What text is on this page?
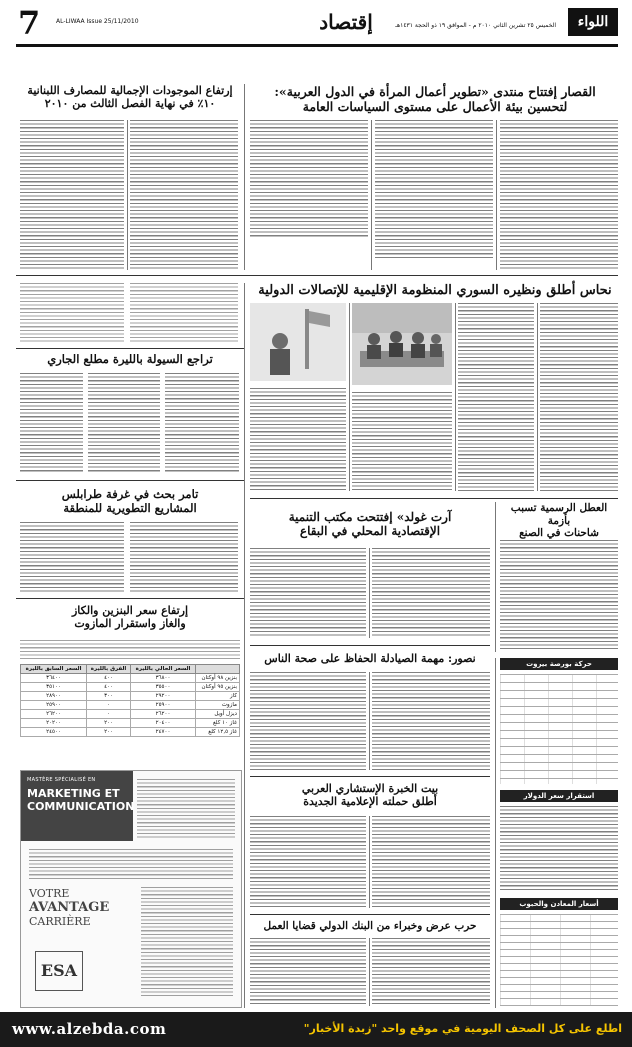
7	AL-LIWAA Issue 25/11/2010	إقتصاد	الخميس ٢٥ تشرين الثاني ٢٠١٠ م - الموافق ١٩ ذو الحجة ١٤٣١هـ	اللواء
القصار إفتتاح منتدى «تطوير أعمال المرأة في الدول العربية»:
لتحسين بيئة الأعمال على مستوى السياسات العامة
إرتفاع الموجودات الإجمالية للمصارف اللبنانية
١٠٪ في نهاية الفصل الثالث من ٢٠١٠
نحاس أطلق ونظيره السوري المنظومة الإقليمية للإتصالات الدولية
تراجع السيولة بالليرة مطلع الجاري
تامر بحث في غرفة طرابلس
المشاريع التطويرية للمنطقة	العطل الرسمية تسبب بأزمة
شاحنات في الصنع
آرت غولد» إفتتحت مكتب التنمية
الإقتصادية المحلي في البقاع
إرتفاع سعر البنزين والكاز
والغاز واستقرار المازوت
	السعر الحالي بالليرة	الفرق بالليرة	السعر السابق بالليرة
بنزين ٩٨ أوكتان	٣٦٨٠٠	٤٠٠	٣٦٤٠٠
بنزين ٩٥ أوكتان	٣٥٥٠٠	٤٠٠	٣٥١٠٠
كاز	٢٩٢٠٠	٣٠٠	٢٨٩٠٠
مازوت	٢٥٩٠٠	٠	٢٥٩٠٠
ديزل أويل	٢٦٢٠٠	٠	٢٦٢٠٠
غاز ١٠ كلغ	٢٠٤٠٠	٢٠٠	٢٠٢٠٠
غاز ١٢,٥ كلغ	٢٤٧٠٠	٢٠٠	٢٤٥٠٠
حركة بورصة بيروت
نصور: مهمة الصيادلة الحفاظ على صحة الناس
بيت الخبرة الإستشاري العربي
أطلق حملته الإعلامية الجديدة	استقرار سعر الدولار
أسعار المعادن والحبوب
حرب عرض وخبراء من البنك الدولي قضايا العمل
MASTÈRE SPÉCIALISÉ EN
MARKETING ET
COMMUNICATION
VOTRE
AVANTAGE
CARRIÈRE
ESA
www.alzebda.com	اطلع على كل الصحف اليومية في موقع واحد "زبدة الأخبار"
